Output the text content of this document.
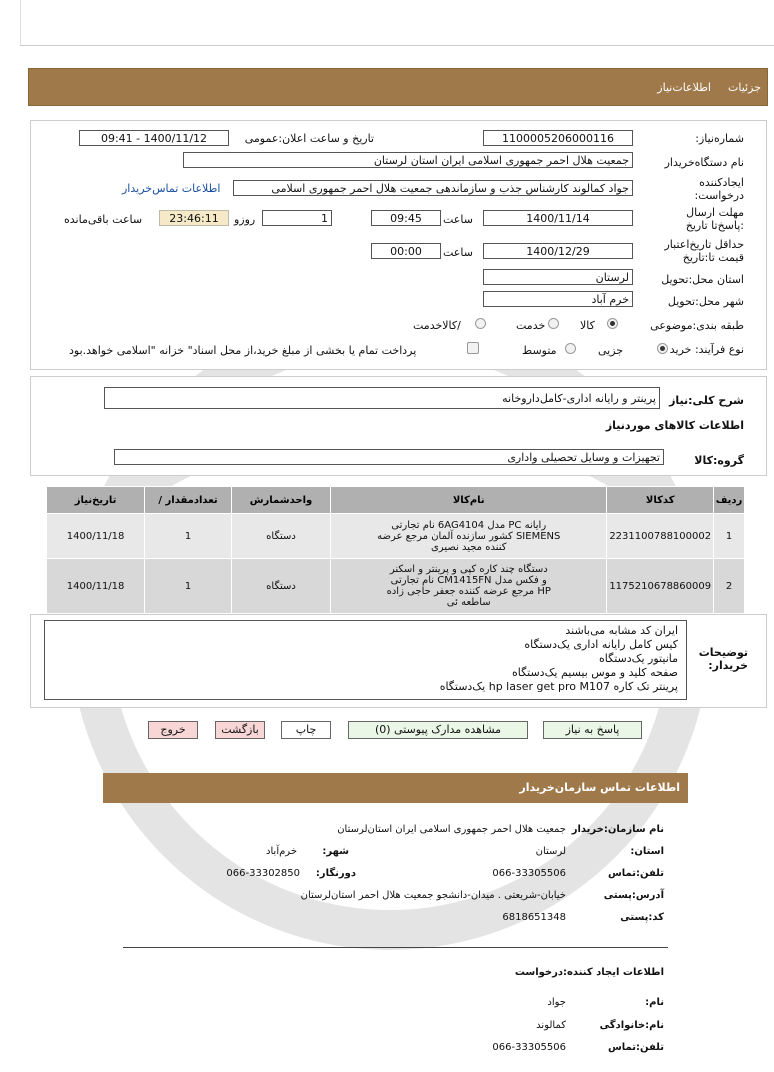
جزئیات
اطلاعات‌نیاز
شماره‌نیاز:
1100005206000116
تاریخ و ساعت اعلان:عمومی
1400/11/12 - 09:41
نام دستگاه‌خریدار
جمعیت هلال احمر جمهوری اسلامی ایران استان لرستان
ایجادکننده درخواست:
جواد کمالوند کارشناس جذب و سازماندهی جمعیت هلال احمر جمهوری اسلامی
اطلاعات تماس‌خریدار
مهلت ارسال :پاسخ‌تا تاریخ
1400/11/14
ساعت
09:45
1
روزو
23:46:11
ساعت باقی‌مانده
حداقل تاریخ‌اعتبار قیمت تا:تاریخ
1400/12/29
ساعت
00:00
استان محل:تحویل
لرستان
شهر محل:تحویل
خرم آباد
طبقه بندی:موضوعی
کالا
خدمت
/کالاخدمت
نوع فرآیند: خرید
جزیی
متوسط
پرداخت تمام یا بخشی از مبلغ خرید،از محل اسناد" خزانه "اسلامی خواهد.بود
شرح کلی:نیاز
پرینتر و رایانه اداری-کامل‌داروخانه
اطلاعات کالاهای موردنیاز
گروه:کالا
تجهیزات و وسایل تحصیلی واداری
تاریخ‌نیاز	/ تعدادمقدار	واحدشمارش	نام‌کالا	کدکالا	ردیف
1400/11/18	1	دستگاه	رایانه PC مدل 6AG4104 نام تجارتی SIEMENS کشور سازنده آلمان مرجع عرضه کننده مجید نصیری	2231100788100002	1
1400/11/18	1	دستگاه	دستگاه چند کاره کپی و پرینتر و اسکنر و فکس مدل CM1415FN نام تجارتی HP مرجع عرضه کننده جعفر حاجی زاده ساطعه ئی	1175210678860009	2
توضیحات خریدار:
ایران کد مشابه می‌باشند
کیس کامل رایانه اداری یک‌دستگاه
مانیتور یک‌دستگاه
صفحه کلید و موس بیسیم یک‌دستگاه
پرینتر تک کاره hp laser get pro M107 یک‌دستگاه
پاسخ به نیاز
مشاهده مدارک پیوستی (0)
چاپ
بازگشت
خروج
اطلاعات تماس سازمان‌خریدار
نام سازمان:خریدار
جمعیت هلال احمر جمهوری اسلامی ایران استان‌لرستان
استان:
لرستان
شهر:
خرم‌آباد
تلفن:تماس
066-33305506
دورنگار:
066-33302850
آدرس:پستی
خیابان-شریعتی . میدان-دانشجو جمعیت هلال احمر استان‌لرستان
کد:پستی
6818651348
اطلاعات ایجاد کننده:درخواست
نام:
جواد
نام:خانوادگی
کمالوند
تلفن:تماس
066-33305506
